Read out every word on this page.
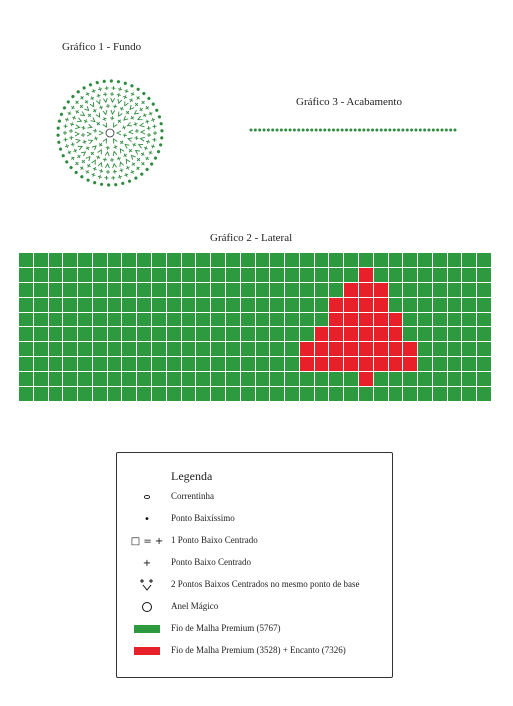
Gráfico 1 - Fundo
Gráfico 3 - Acabamento
Gráfico 2 - Lateral
Legenda
Correntinha
•	Ponto Baixíssimo
□ = + 1 Ponto Baixo Centrado
+	Ponto Baixo Centrado
2 Pontos Baixos Centrados no mesmo ponto de base
Anel Mágico
Fio de Malha Premium (5767)
Fio de Malha Premium (3528) + Encanto (7326)
